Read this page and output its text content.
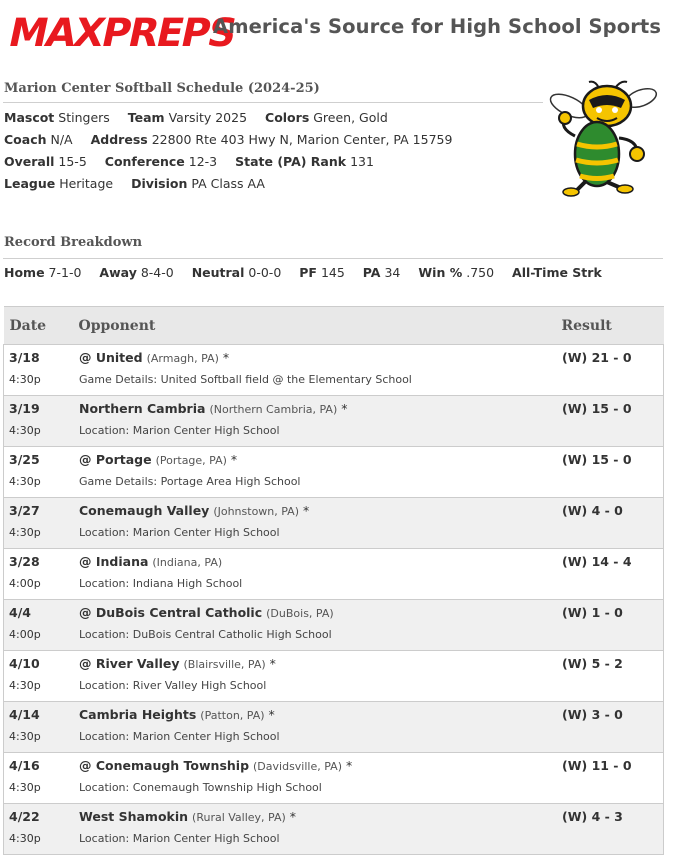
MAXPREPS
America's Source for High School Sports
Marion Center Softball Schedule (2024-25)
Mascot Stingers Team Varsity 2025 Colors Green, Gold
Coach N/A Address 22800 Rte 403 Hwy N, Marion Center, PA 15759
Overall 15-5 Conference 12-3 State (PA) Rank 131
League Heritage Division PA Class AA
Record Breakdown
Home 7-1-0 Away 8-4-0 Neutral 0-0-0 PF 145 PA 34 Win % .750 All-Time Strk
Date Opponent	Result

3/18
4:30p
@ United (Armagh, PA) *
Game Details: United Softball field @ the Elementary School
(W) 21 - 0

3/19
4:30p
Northern Cambria (Northern Cambria, PA) *
Location: Marion Center High School
(W) 15 - 0

3/25
4:30p
@ Portage (Portage, PA) *
Game Details: Portage Area High School
(W) 15 - 0

3/27
4:30p
Conemaugh Valley (Johnstown, PA) *
Location: Marion Center High School
(W) 4 - 0

3/28
4:00p
@ Indiana (Indiana, PA)
Location: Indiana High School
(W) 14 - 4

4/4
4:00p
@ DuBois Central Catholic (DuBois, PA)
Location: DuBois Central Catholic High School
(W) 1 - 0

4/10
4:30p
@ River Valley (Blairsville, PA) *
Location: River Valley High School
(W) 5 - 2

4/14
4:30p
Cambria Heights (Patton, PA) *
Location: Marion Center High School
(W) 3 - 0

4/16
4:30p
@ Conemaugh Township (Davidsville, PA) *
Location: Conemaugh Township High School
(W) 11 - 0

4/22
4:30p
West Shamokin (Rural Valley, PA) *
Location: Marion Center High School
(W) 4 - 3
